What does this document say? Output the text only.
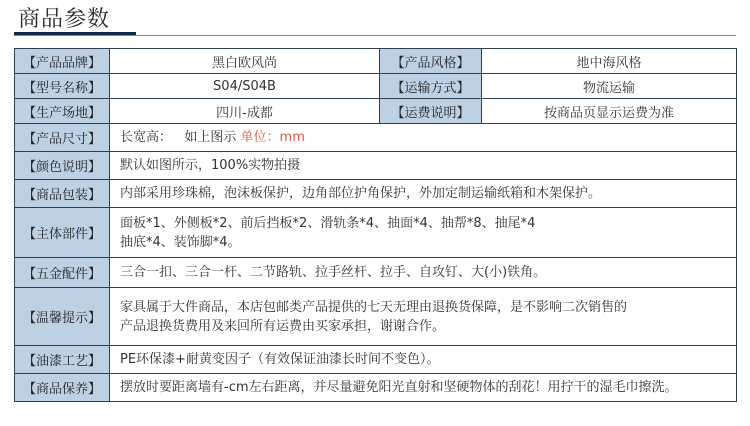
商品参数
【产品品牌】	黑白欧风尚	【产品风格】	地中海风格
【型号名称】	S04/S04B	【运输方式】	物流运输
【生产场地】	四川-成都	【运费说明】	按商品页显示运费为准
【产品尺寸】	长宽高：   如上图示 单位：mm		

【颜色说明】	默认如图所示，100%实物拍摄		

【商品包装】	内部采用珍珠棉，泡沫板保护，边角部位护角保护，外加定制运输纸箱和木架保护。		

【主体部件】	面板*1、外侧板*2、前后挡板*2、滑轨条*4、抽面*4、抽帮*8、抽尾*4
抽底*4、装饰脚*4。		

【五金配件】	三合一扣、三合一杆、二节路轨、拉手丝杆、拉手、自攻钉、大(小)铁角。		

【温馨提示】	家具属于大件商品，本店包邮类产品提供的七天无理由退换货保障，是不影响二次销售的
产品退换货费用及来回所有运费由买家承担，谢谢合作。		

【油漆工艺】	PE环保漆+耐黄变因子（有效保证油漆长时间不变色）。		

【商品保养】	摆放时要距离墙有-cm左右距离，并尽量避免阳光直射和坚硬物体的刮花！用拧干的湿毛巾擦洗。		
